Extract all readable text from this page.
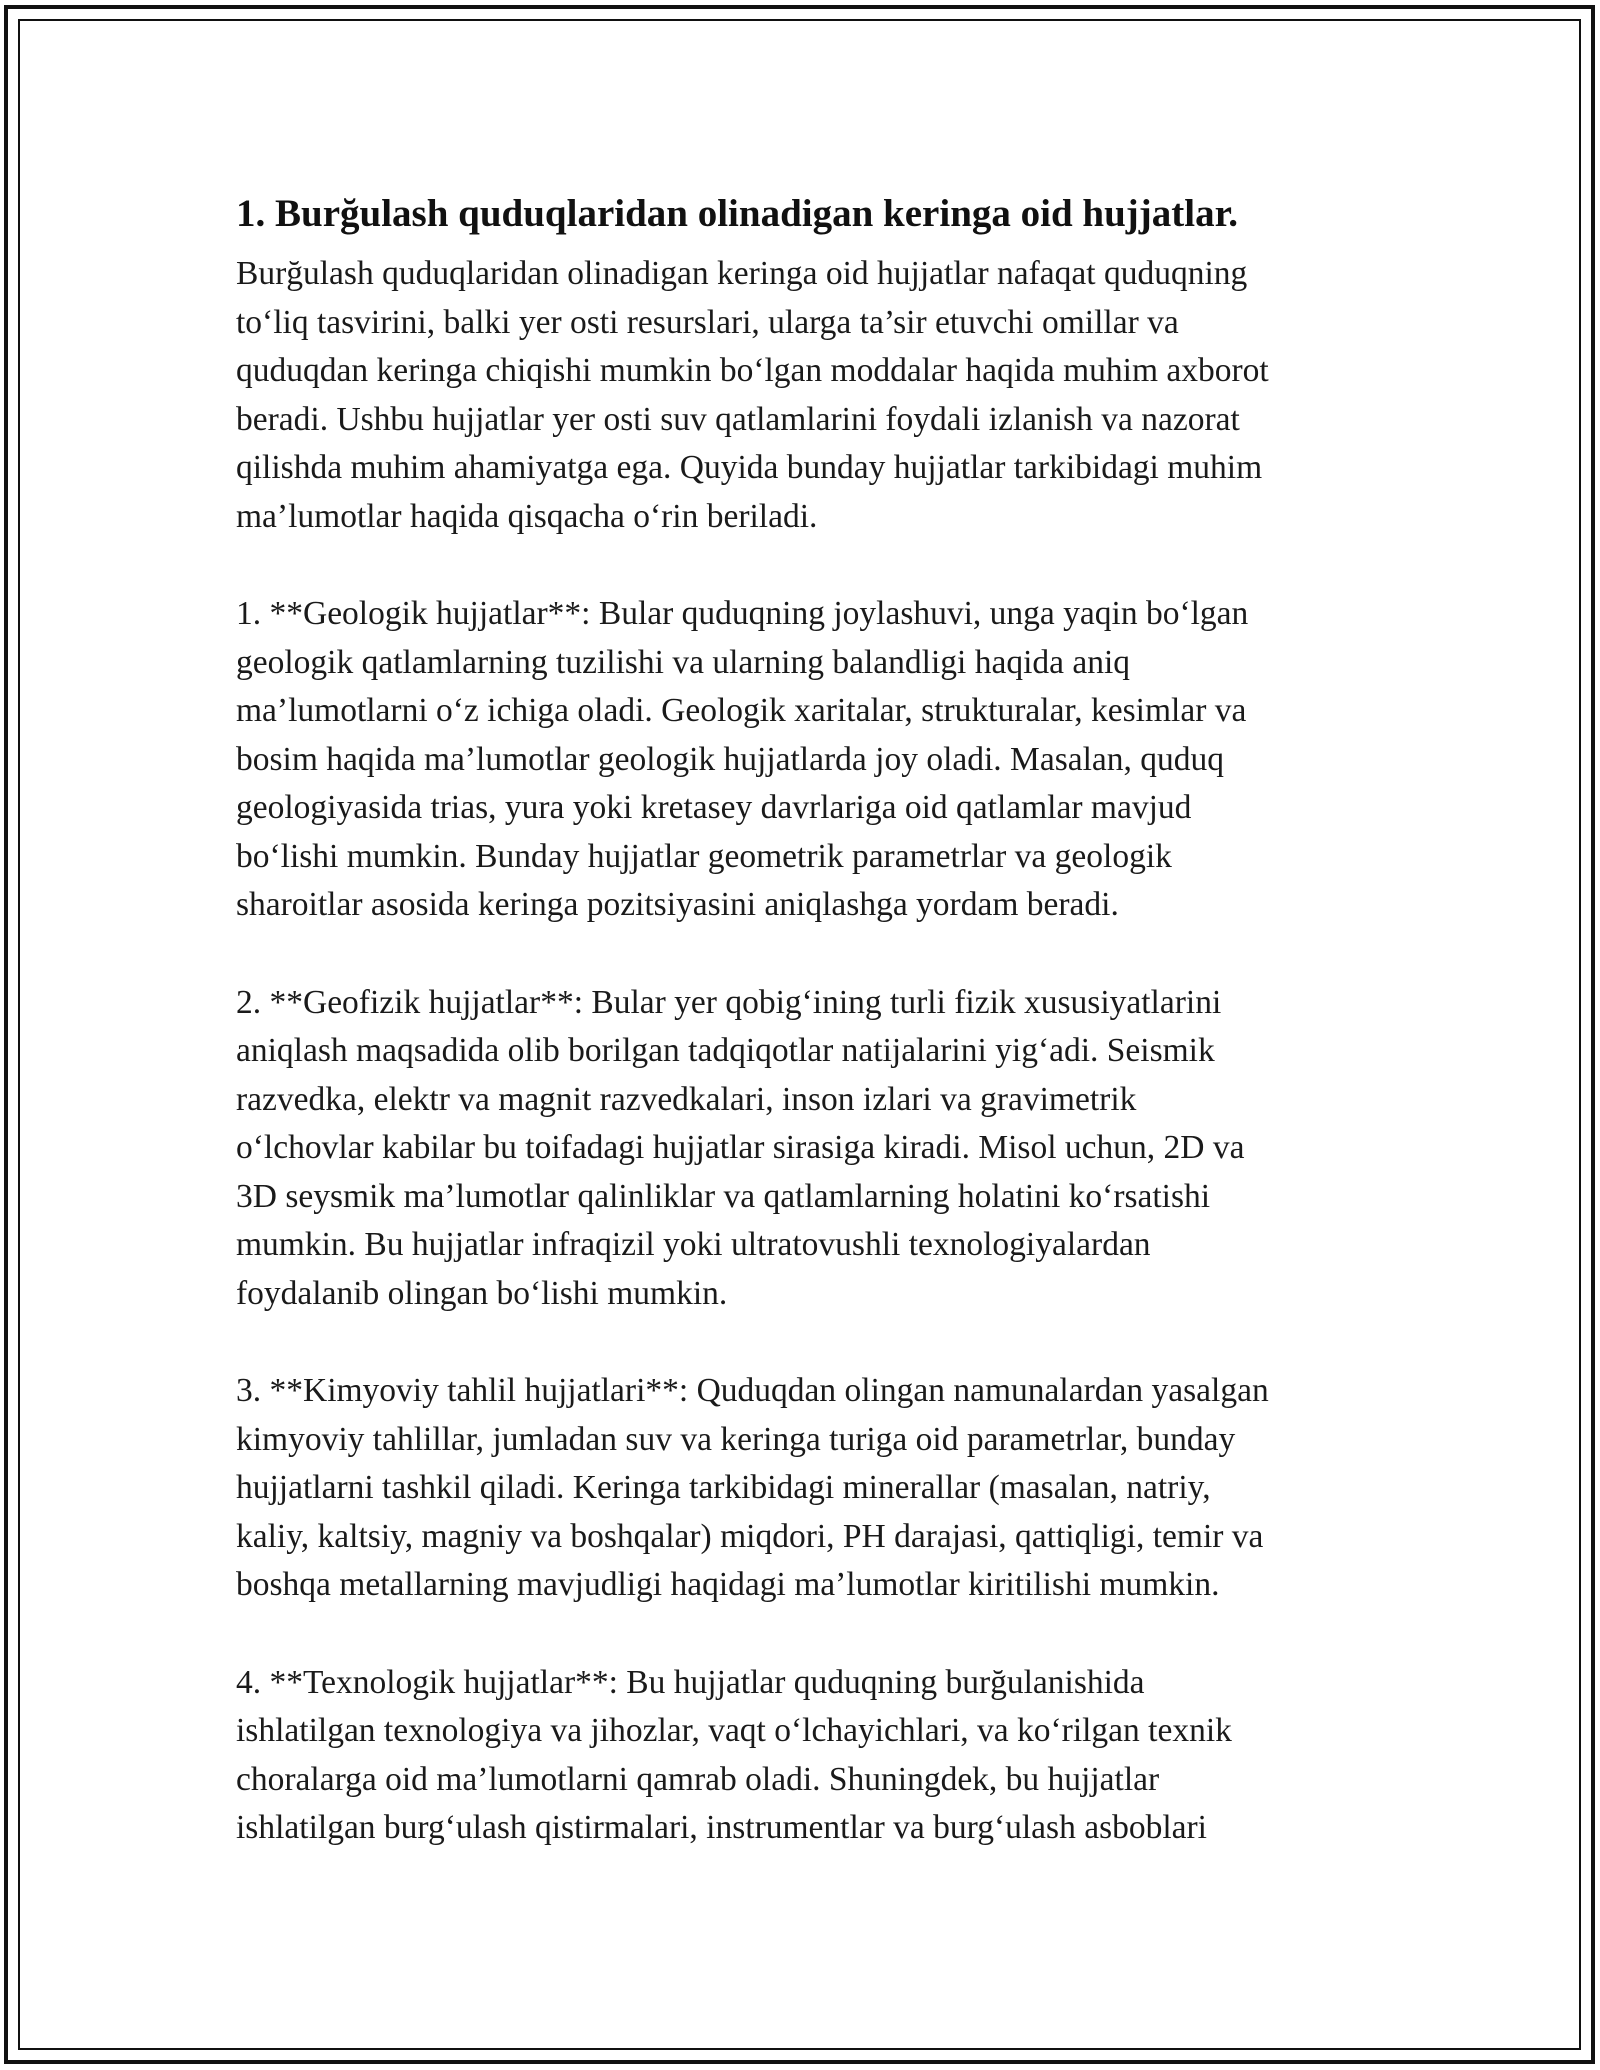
1. Burğulash quduqlaridan olinadigan keringa oid hujjatlar.

Burğulash quduqlaridan olinadigan keringa oid hujjatlar nafaqat quduqning
to‘liq tasvirini, balki yer osti resurslari, ularga ta’sir etuvchi omillar va
quduqdan keringa chiqishi mumkin bo‘lgan moddalar haqida muhim axborot
beradi. Ushbu hujjatlar yer osti suv qatlamlarini foydali izlanish va nazorat
qilishda muhim ahamiyatga ega. Quyida bunday hujjatlar tarkibidagi muhim
ma’lumotlar haqida qisqacha o‘rin beriladi.

1. **Geologik hujjatlar**: Bular quduqning joylashuvi, unga yaqin bo‘lgan
geologik qatlamlarning tuzilishi va ularning balandligi haqida aniq
ma’lumotlarni o‘z ichiga oladi. Geologik xaritalar, strukturalar, kesimlar va
bosim haqida ma’lumotlar geologik hujjatlarda joy oladi. Masalan, quduq
geologiyasida trias, yura yoki kretasey davrlariga oid qatlamlar mavjud
bo‘lishi mumkin. Bunday hujjatlar geometrik parametrlar va geologik
sharoitlar asosida keringa pozitsiyasini aniqlashga yordam beradi.

2. **Geofizik hujjatlar**: Bular yer qobig‘ining turli fizik xususiyatlarini
aniqlash maqsadida olib borilgan tadqiqotlar natijalarini yig‘adi. Seismik
razvedka, elektr va magnit razvedkalari, inson izlari va gravimetrik
o‘lchovlar kabilar bu toifadagi hujjatlar sirasiga kiradi. Misol uchun, 2D va
3D seysmik ma’lumotlar qalinliklar va qatlamlarning holatini ko‘rsatishi
mumkin. Bu hujjatlar infraqizil yoki ultratovushli texnologiyalardan
foydalanib olingan bo‘lishi mumkin.

3. **Kimyoviy tahlil hujjatlari**: Quduqdan olingan namunalardan yasalgan
kimyoviy tahlillar, jumladan suv va keringa turiga oid parametrlar, bunday
hujjatlarni tashkil qiladi. Keringa tarkibidagi minerallar (masalan, natriy,
kaliy, kaltsiy, magniy va boshqalar) miqdori, PH darajasi, qattiqligi, temir va
boshqa metallarning mavjudligi haqidagi ma’lumotlar kiritilishi mumkin.

4. **Texnologik hujjatlar**: Bu hujjatlar quduqning burğulanishida
ishlatilgan texnologiya va jihozlar, vaqt o‘lchayichlari, va ko‘rilgan texnik
choralarga oid ma’lumotlarni qamrab oladi. Shuningdek, bu hujjatlar
ishlatilgan burg‘ulash qistirmalari, instrumentlar va burg‘ulash asboblari
